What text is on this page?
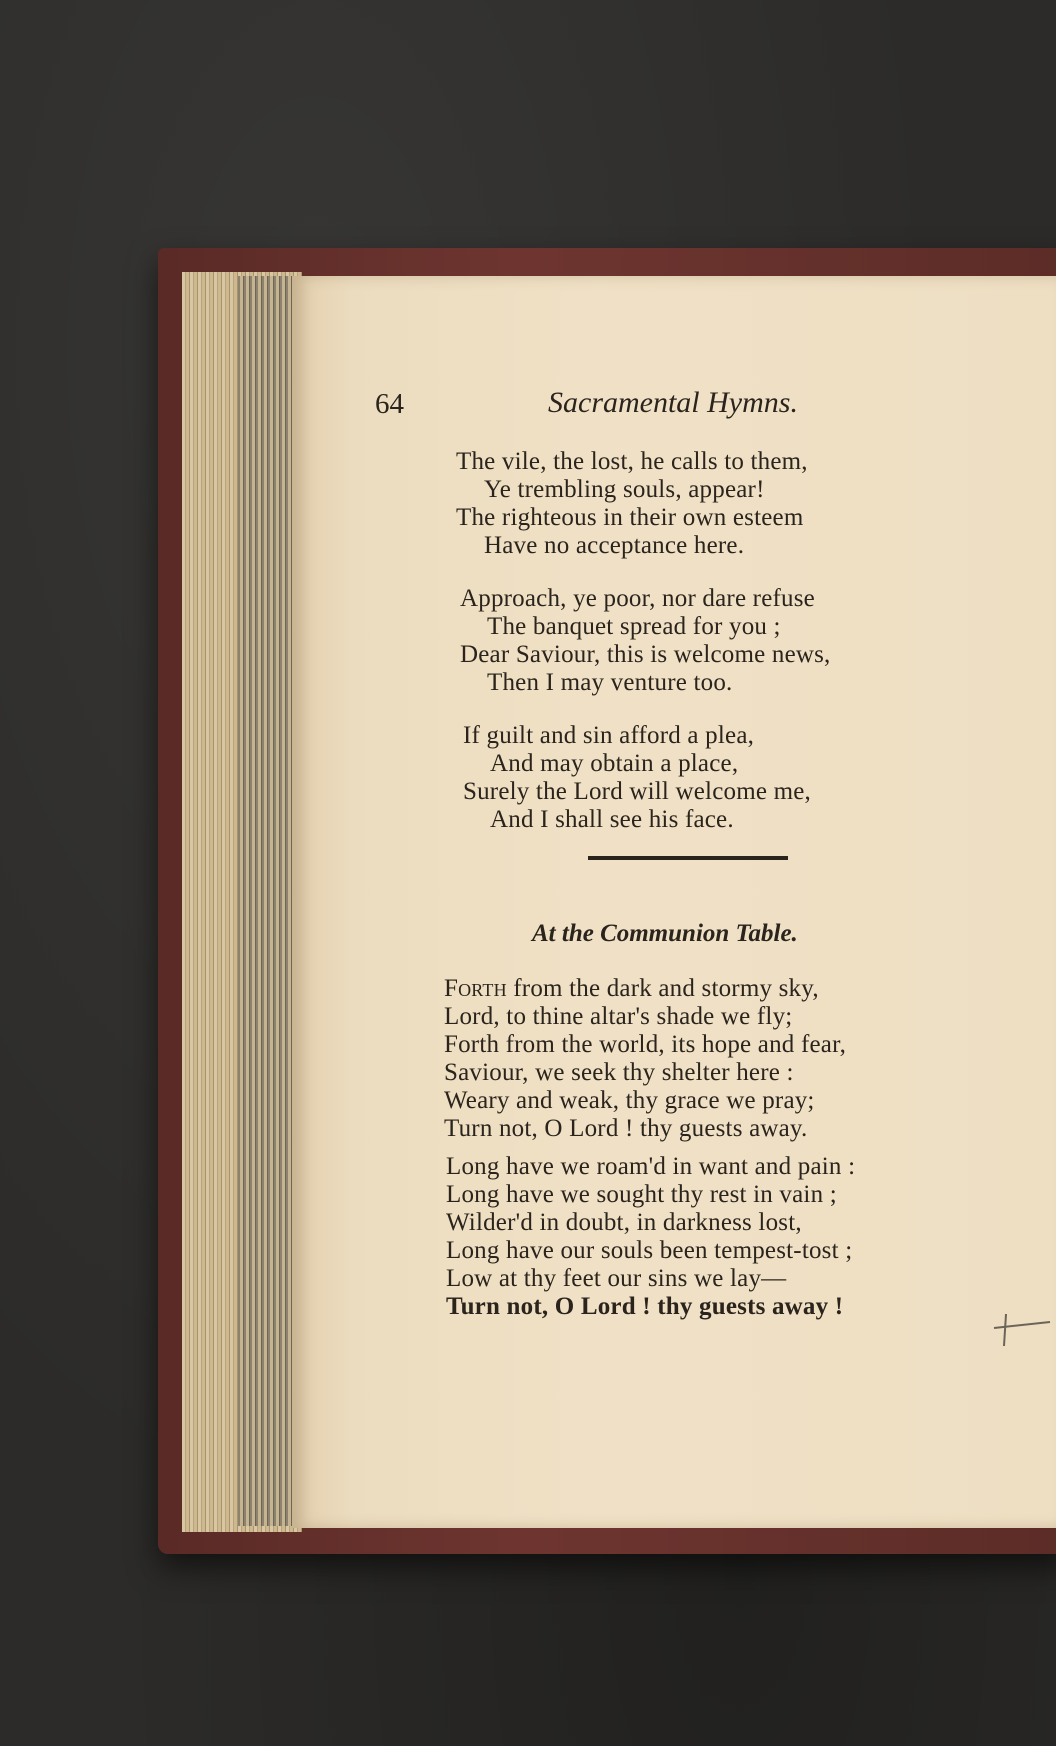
64	Sacramental Hymns.
The vile, the lost, he calls to them,
Ye trembling souls, appear!
The righteous in their own esteem
Have no acceptance here.
Approach, ye poor, nor dare refuse
The banquet spread for you ;
Dear Saviour, this is welcome news,
Then I may venture too.
If guilt and sin afford a plea,
And may obtain a place,
Surely the Lord will welcome me,
And I shall see his face.
At the Communion Table.
Forth from the dark and stormy sky,
Lord, to thine altar's shade we fly;
Forth from the world, its hope and fear,
Saviour, we seek thy shelter here :
Weary and weak, thy grace we pray;
Turn not, O Lord ! thy guests away.
Long have we roam'd in want and pain :
Long have we sought thy rest in vain ;
Wilder'd in doubt, in darkness lost,
Long have our souls been tempest-tost ;
Low at thy feet our sins we lay—
Turn not, O Lord ! thy guests away !
